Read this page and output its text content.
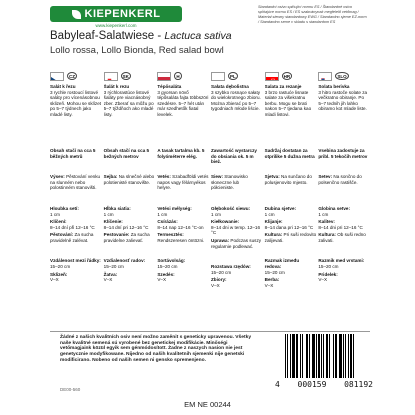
KIEPENKERL
www.kiepenkerl.com
Standardní osivo splňující normu ES / Štandardné osivo spĺňajúce normu ES / ES szabványnak megfelelő vetőmag / Materiał siewny standardowy EWG / Standardno sjeme EZ-norm / Standardno seme v skladu s standardom ES
Babyleaf-Salatwiese - Lactuca sativa
Lollo rossa, Lollo Bionda, Red salad bowl
CZ	SK	H	PL	HR	SLO
Salát k řezu
3 rychle rostoucí listové saláty pro vícenásobnou sklizeň. Mohou se sklízet po 5–7 týdnech jako mladé listy.
Obsah stačí na cca 5 běžných metrů
Výsev: Pěstování venku na slunném nebo polostinném stanovišti.
Hloubka setí:
1 cm
Klíčení:
8–14 dní při 12–16 °C
Pěstování: Za sucha pravidelně zalévat.
Vzdálenost mezi řádky:
15–20 cm
Sklizeň:
V–X
Šalát k rezu
3 rýchlorastúce listové šaláty pre viacnásobný zber. Zberať sa môžu po 5–7 týždňoch ako mladé listy.
Obsah stačí na cca 5 bežných metrov
Sejba: Na slnečné alebo polotienisté stanovište.
Hĺbka siatia:
1 cm
Klíčenie:
8–14 dní pri 12–16 °C
Pestovanie: Za sucha pravidelne zalievať.
Vzdialenosť radov:
15–20 cm
Žatva:
V–X
Tépősaláta
3 gyorsan növő tépősaláta fajta többszöri szedésre. 5–7 hét után már szedhetők fiatal levelek.
A tasak tartalma kb. 5 folyóméterre elég.
Vetés: Szabadföldi vetés napos vagy félárnyékos helyre.
Vetési mélység:
1 cm
Csírázás:
8–14 nap 12–16 °C-on
Termesztés: Rendszeresen öntözni.
Sortávolság:
15–20 cm
Szedés:
V–X
Sałata dębolistna
3 szybko rosnące sałaty do wielokrotnego zbioru. Można zbierać po 5–7 tygodniach młode liście.
Zawartość wystarczy do obsiania ok. 5 m bież.
Siew: Stanowisko słoneczne lub półcieniste.
Głębokość siewu:
1 cm
Kiełkowanie:
8–14 dni w temp. 12–16 °C
Uprawa: Podczas suszy regularnie podlewać.
Rozstawa rzędów:
15–20 cm
Zbiory:
V–X
Salata za rezanje
3 brzo rastuće lisnate salate za višekratnu berbu. Mogu se brati nakon 5–7 tjedana kao mladi listovi.
Sadržaj dostatan za otprilike 5 dužna metra
Sjetva: Na sunčano do polusjenovito mjesto.
Dubina sjetve:
1 cm
Klijanje:
8–14 dana pri 12–16 °C
Kultura: Pri suši redovito zalijevati.
Razmak između redova:
15–20 cm
Berba:
V–X
Solata berivka
3 hitro rastoče solate za večkratno obiranje. Po 5–7 tednih jih lahko obiramo kot mlade liste.
Vsebina zadostuje za pribl. 5 tekočih metrov
Setev: Na sončno do polsenčno rastišče.
Globina setve:
1 cm
Kalitev:
8–14 dni pri 12–16 °C
Kultura: Ob suši redno zalivati.
Razmik med vrstami:
15–20 cm
Pridelek:
V–X
Žádné z našich kvalitních osiv není možno zaměnit s geneticky upravenou. Všetky naše kvalitné semená sú vyrobené bez genetickej modifikácie. Minőségi vetőmagjaink közül egyik sem génmódosított. Żadne z naszych nasion nie jest genetycznie modyfikowane. Nijedno od naših kvalitetnih sjemenki nije genetski modificirano. Nobeno od naših semen ni gensko spremenjeno.
DE00-560
4 000159 081192
EM NE 00244
